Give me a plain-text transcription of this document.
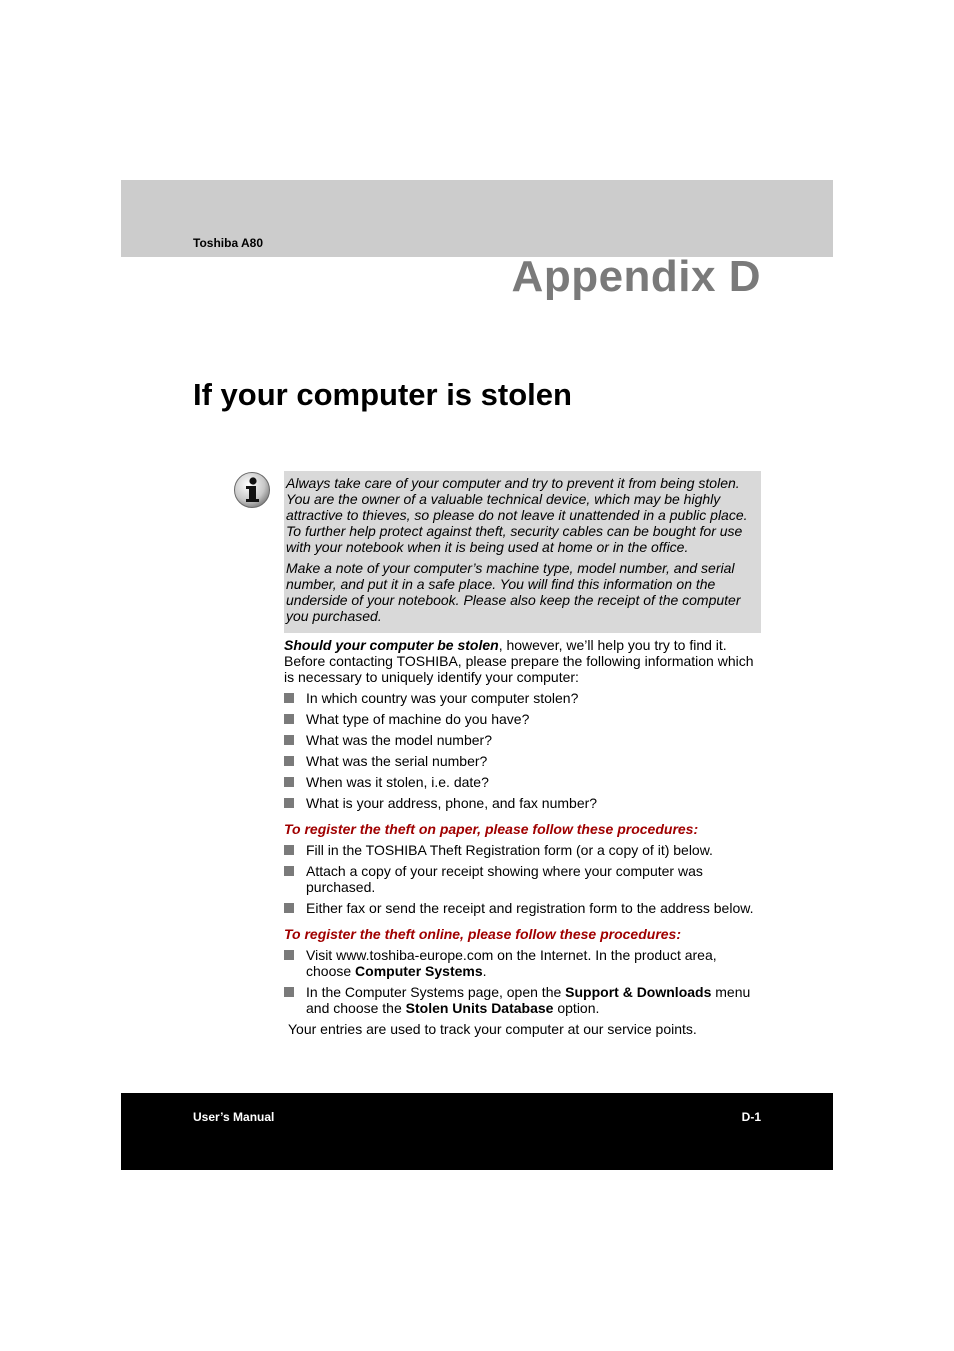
Toshiba A80
Appendix D
If your computer is stolen

Always take care of your computer and try to prevent it from being stolen. You are the owner of a valuable technical device, which may be highly attractive to thieves, so please do not leave it unattended in a public place. To further help protect against theft, security cables can be bought for use with your notebook when it is being used at home or in the office.

Make a note of your computer’s machine type, model number, and serial number, and put it in a safe place. You will find this information on the underside of your notebook. Please also keep the receipt of the computer you purchased.

Should your computer be stolen, however, we’ll help you try to find it. Before contacting TOSHIBA, please prepare the following information which is necessary to uniquely identify your computer:

In which country was your computer stolen?
What type of machine do you have?
What was the model number?
What was the serial number?
When was it stolen, i.e. date?
What is your address, phone, and fax number?

To register the theft on paper, please follow these procedures:

Fill in the TOSHIBA Theft Registration form (or a copy of it) below.
Attach a copy of your receipt showing where your computer was purchased.
Either fax or send the receipt and registration form to the address below.

To register the theft online, please follow these procedures:

Visit www.toshiba-europe.com on the Internet. In the product area, choose Computer Systems.
In the Computer Systems page, open the Support & Downloads menu and choose the Stolen Units Database option.

Your entries are used to track your computer at our service points.

User’s Manual	D-1
